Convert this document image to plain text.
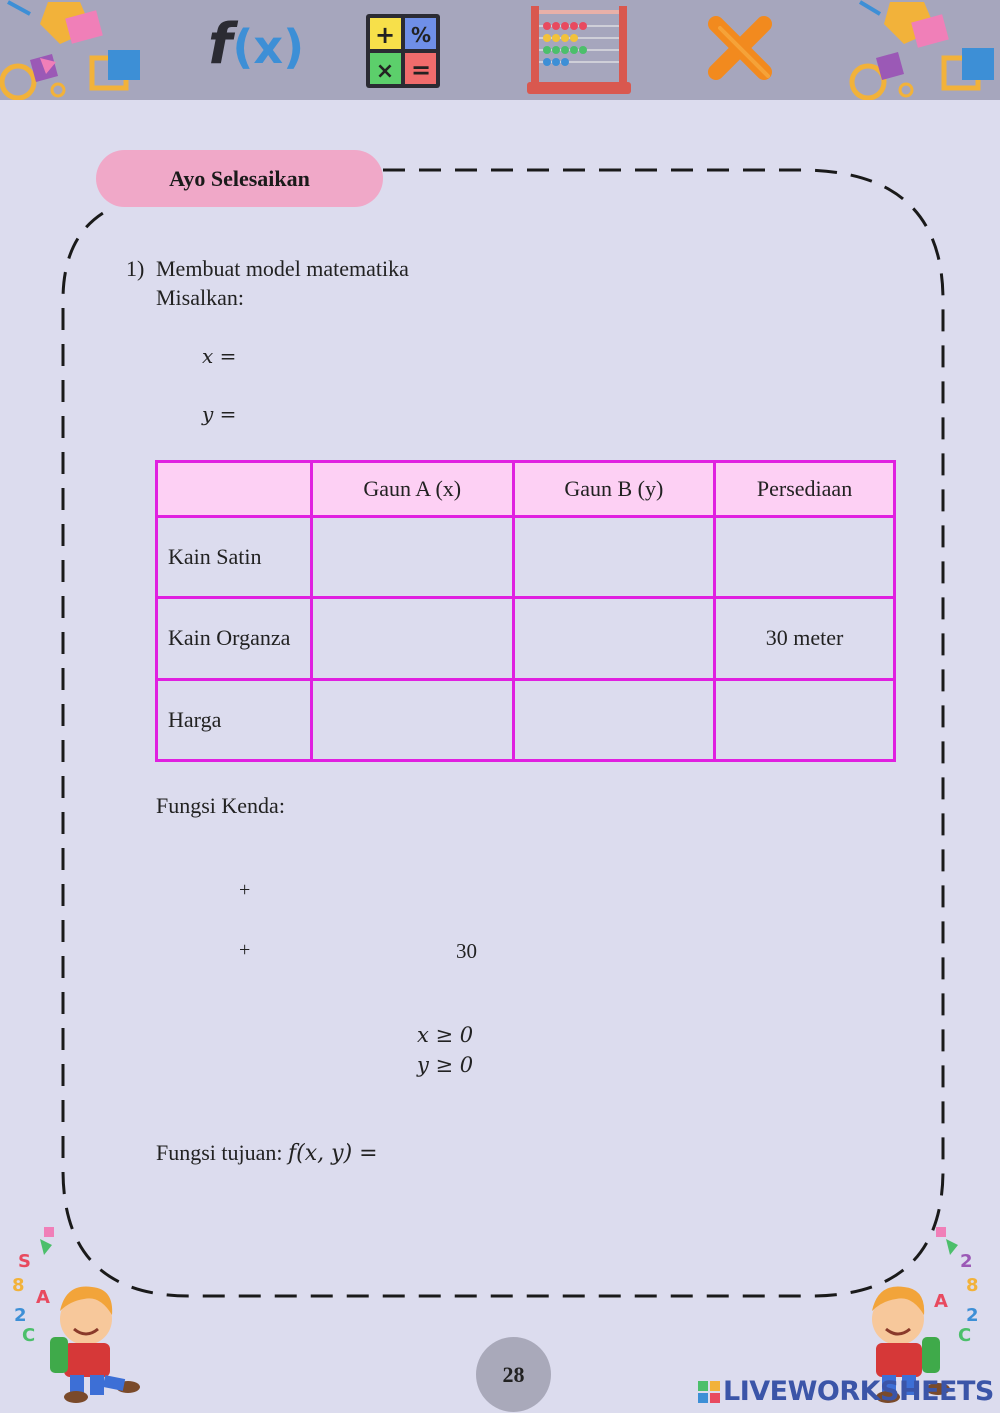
f(x)	+ %
× =
Ayo Selesaikan
1) Membuat model matematika
Misalkan:
x =
y =
	Gaun A (x)	Gaun B (y)	Persediaan
Kain Satin			
Kain Organza			30 meter
Harga			
Fungsi Kenda:
+
+	30
x ≥ 0
y ≥ 0
Fungsi tujuan: f(x, y) =
S
8
A
2
C
2
8
A
2
C
28
LIVEWORKSHEETS
